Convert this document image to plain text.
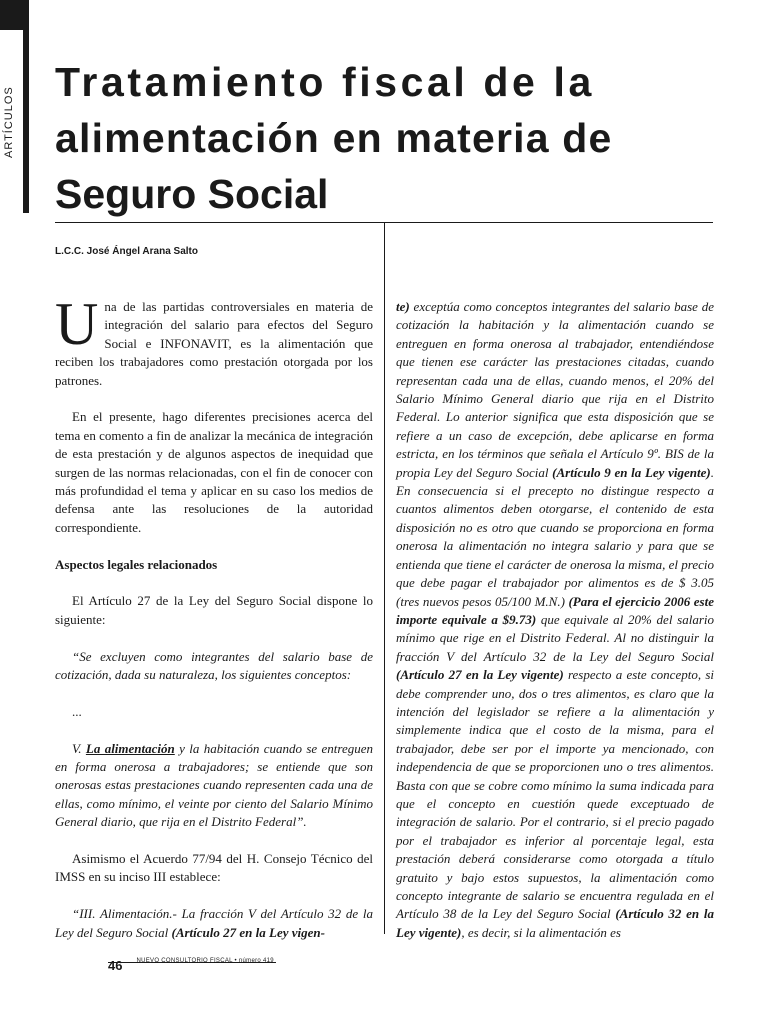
ARTÍCULOS
Tratamiento fiscal de la
alimentación en materia de
Seguro Social
L.C.C. José Ángel Arana Salto

Una de las partidas controversiales en materia de integración del salario para efectos del Seguro Social e INFONAVIT, es la alimentación que reciben los trabajadores como prestación otorgada por los patrones.

En el presente, hago diferentes precisiones acerca del tema en comento a fin de analizar la mecánica de integración de esta prestación y de algunos aspectos de inequidad que surgen de las normas relacionadas, con el fin de conocer con más profundidad el tema y aplicar en su caso los medios de defensa ante las resoluciones de la autoridad correspondiente.

Aspectos legales relacionados

El Artículo 27 de la Ley del Seguro Social dispone lo siguiente:

“Se excluyen como integrantes del salario base de cotización, dada su naturaleza, los siguientes conceptos:

...

V. La alimentación y la habitación cuando se entreguen en forma onerosa a trabajadores; se entiende que son onerosas estas prestaciones cuando representen cada una de ellas, como mínimo, el veinte por ciento del Salario Mínimo General diario, que rija en el Distrito Federal”.

Asimismo el Acuerdo 77/94 del H. Consejo Técnico del IMSS en su inciso III establece:

“III. Alimentación.- La fracción V del Artículo 32 de la Ley del Seguro Social (Artículo 27 en la Ley vigen-

te) exceptúa como conceptos integrantes del salario base de cotización la habitación y la alimentación cuando se entreguen en forma onerosa al trabajador, entendiéndose que tienen ese carácter las prestaciones citadas, cuando representan cada una de ellas, cuando menos, el 20% del Salario Mínimo General diario que rija en el Distrito Federal. Lo anterior significa que esta disposición que se refiere a un caso de excepción, debe aplicarse en forma estricta, en los términos que señala el Artículo 9º. BIS de la propia Ley del Seguro Social (Artículo 9 en la Ley vigente). En consecuencia si el precepto no distingue respecto a cuantos alimentos deben otorgarse, el contenido de esta disposición no es otro que cuando se proporciona en forma onerosa la alimentación no integra salario y para que se entienda que tiene el carácter de onerosa la misma, el precio que debe pagar el trabajador por alimentos es de $ 3.05 (tres nuevos pesos 05/100 M.N.) (Para el ejercicio 2006 este importe equivale a $9.73) que equivale al 20% del salario mínimo que rige en el Distrito Federal. Al no distinguir la fracción V del Artículo 32 de la Ley del Seguro Social (Artículo 27 en la Ley vigente) respecto a este concepto, si debe comprender uno, dos o tres alimentos, es claro que la intención del legislador se refiere a la alimentación y simplemente indica que el costo de la misma, para el trabajador, debe ser por el importe ya mencionado, con independencia de que se proporcionen uno o tres alimentos. Basta con que se cobre como mínimo la suma indicada para que el concepto en cuestión quede exceptuado de integración de salario. Por el contrario, si el precio pagado por el trabajador es inferior al porcentaje legal, esta prestación deberá considerarse como otorgada a título gratuito y bajo estos supuestos, la alimentación como concepto integrante de salario se encuentra regulada en el Artículo 38 de la Ley del Seguro Social (Artículo 32 en la Ley vigente), es decir, si la alimentación es

46 NUEVO CONSULTORIO FISCAL • número 419
